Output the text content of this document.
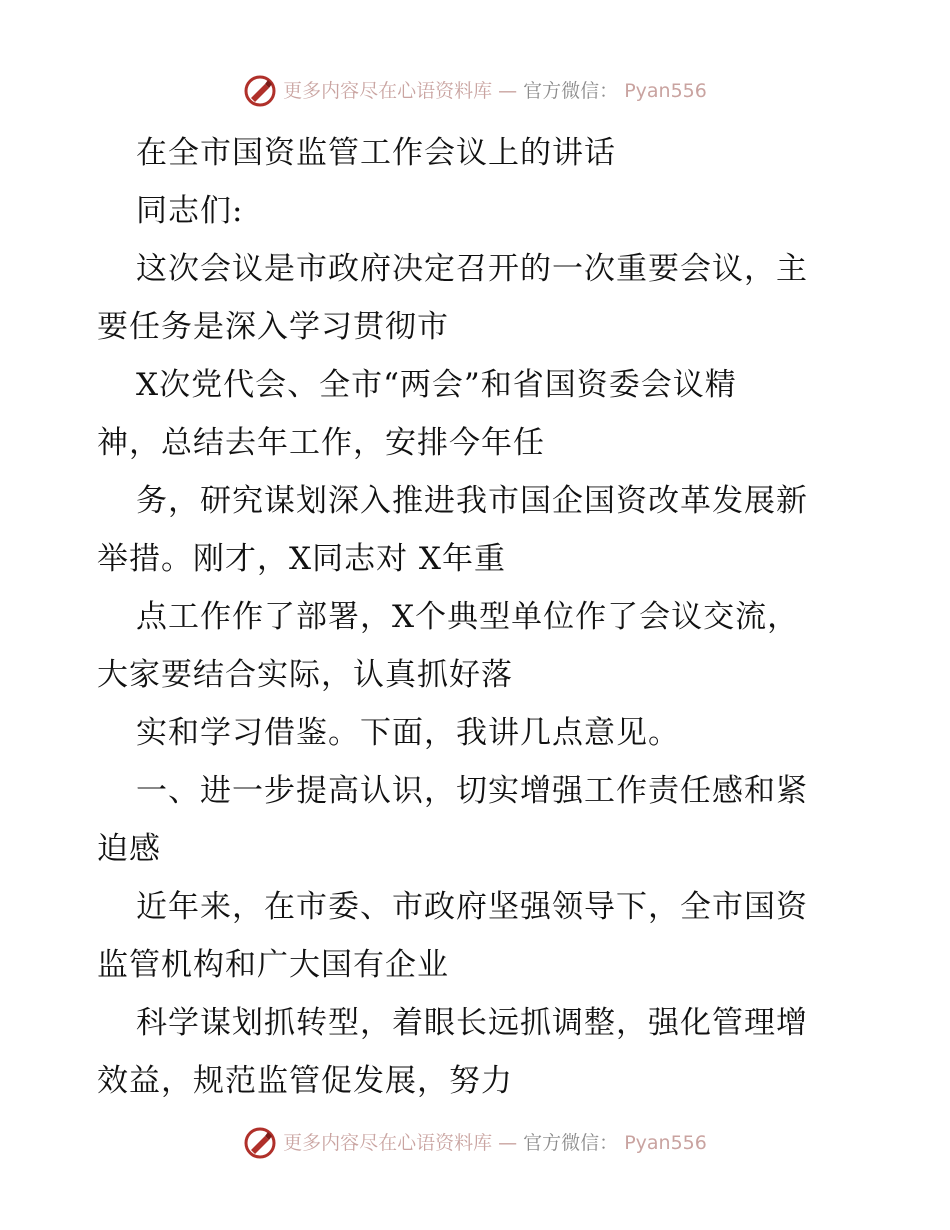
更多内容尽在心语资料库 — 官方微信： Pyan556

在全市国资监管工作会议上的讲话

同志们:

这次会议是市政府决定召开的一次重要会议，主

要任务是深入学习贯彻市

X次党代会、全市“两会”和省国资委会议精

神，总结去年工作，安排今年任

务，研究谋划深入推进我市国企国资改革发展新

举措。刚才，X同志对 X年重

点工作作了部署，X个典型单位作了会议交流，

大家要结合实际，认真抓好落

实和学习借鉴。下面，我讲几点意见。

一、进一步提高认识，切实增强工作责任感和紧

迫感

近年来，在市委、市政府坚强领导下，全市国资

监管机构和广大国有企业

科学谋划抓转型，着眼长远抓调整，强化管理增

效益，规范监管促发展，努力

更多内容尽在心语资料库 — 官方微信： Pyan556
